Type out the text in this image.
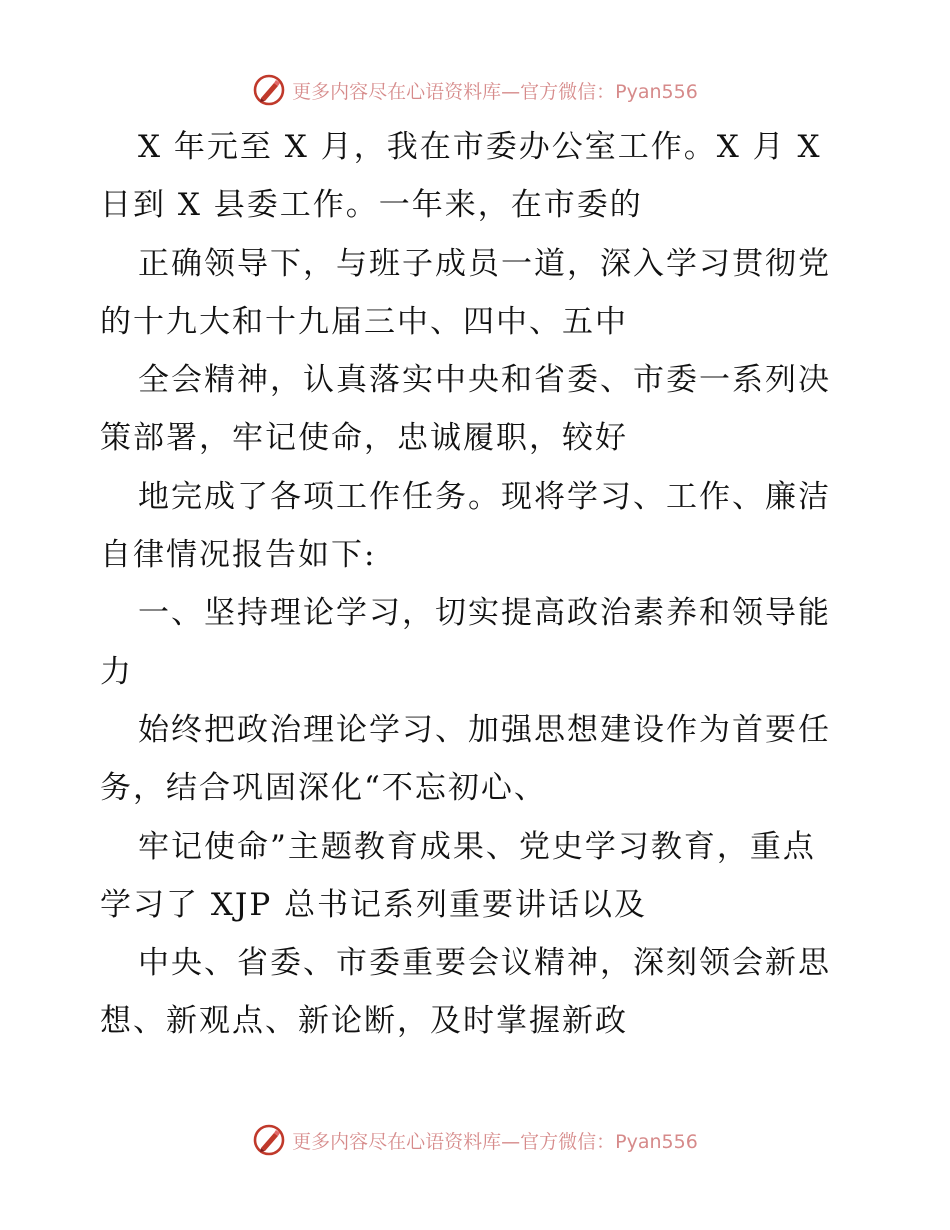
更多内容尽在心语资料库—官方微信：Pyan556
X 年元至 X 月，我在市委办公室工作。X 月 X
日到 X 县委工作。一年来，在市委的
正确领导下，与班子成员一道，深入学习贯彻党
的十九大和十九届三中、四中、五中
全会精神，认真落实中央和省委、市委一系列决
策部署，牢记使命，忠诚履职，较好
地完成了各项工作任务。现将学习、工作、廉洁
自律情况报告如下:
一、坚持理论学习，切实提高政治素养和领导能
力
始终把政治理论学习、加强思想建设作为首要任
务，结合巩固深化“不忘初心、
牢记使命”主题教育成果、党史学习教育，重点
学习了 XJP 总书记系列重要讲话以及
中央、省委、市委重要会议精神，深刻领会新思
想、新观点、新论断，及时掌握新政
更多内容尽在心语资料库—官方微信：Pyan556
